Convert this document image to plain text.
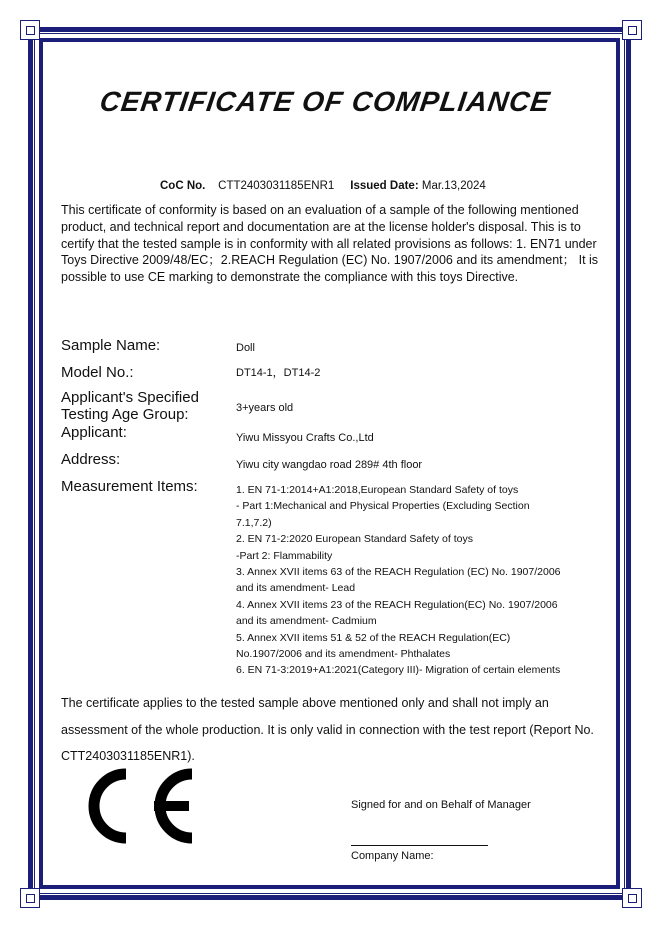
CERTIFICATE OF COMPLIANCE
CoC No. CTT2403031185ENR1 Issued Date: Mar.13,2024
This certificate of conformity is based on an evaluation of a sample of the following mentioned product, and technical report and documentation are at the license holder's disposal. This is to certify that the tested sample is in conformity with all related provisions as follows: 1. EN71 under Toys Directive 2009/48/EC；2.REACH Regulation (EC) No. 1907/2006 and its amendment； It is possible to use CE marking to demonstrate the compliance with this toys Directive.
Sample Name:	Doll
Model No.:	DT14-1，DT14-2
Applicant's Specified
Testing Age Group:	3+years old
Applicant:	Yiwu Missyou Crafts Co.,Ltd
Address:	Yiwu city wangdao road 289# 4th floor
Measurement Items:	1. EN 71-1:2014+A1:2018,European Standard Safety of toys
- Part 1:Mechanical and Physical Properties (Excluding Section
7.1,7.2)
2. EN 71-2:2020 European Standard Safety of toys
-Part 2: Flammability
3. Annex XVII items 63 of the REACH Regulation (EC) No. 1907/2006
and its amendment- Lead
4. Annex XVII items 23 of the REACH Regulation(EC) No. 1907/2006
and its amendment- Cadmium
5. Annex XVII items 51 & 52 of the REACH Regulation(EC)
No.1907/2006 and its amendment- Phthalates
6. EN 71-3:2019+A1:2021(Category III)- Migration of certain elements
The certificate applies to the tested sample above mentioned only and shall not imply an assessment of the whole production. It is only valid in connection with the test report (Report No. CTT2403031185ENR1).
Signed for and on Behalf of Manager
Company Name:
